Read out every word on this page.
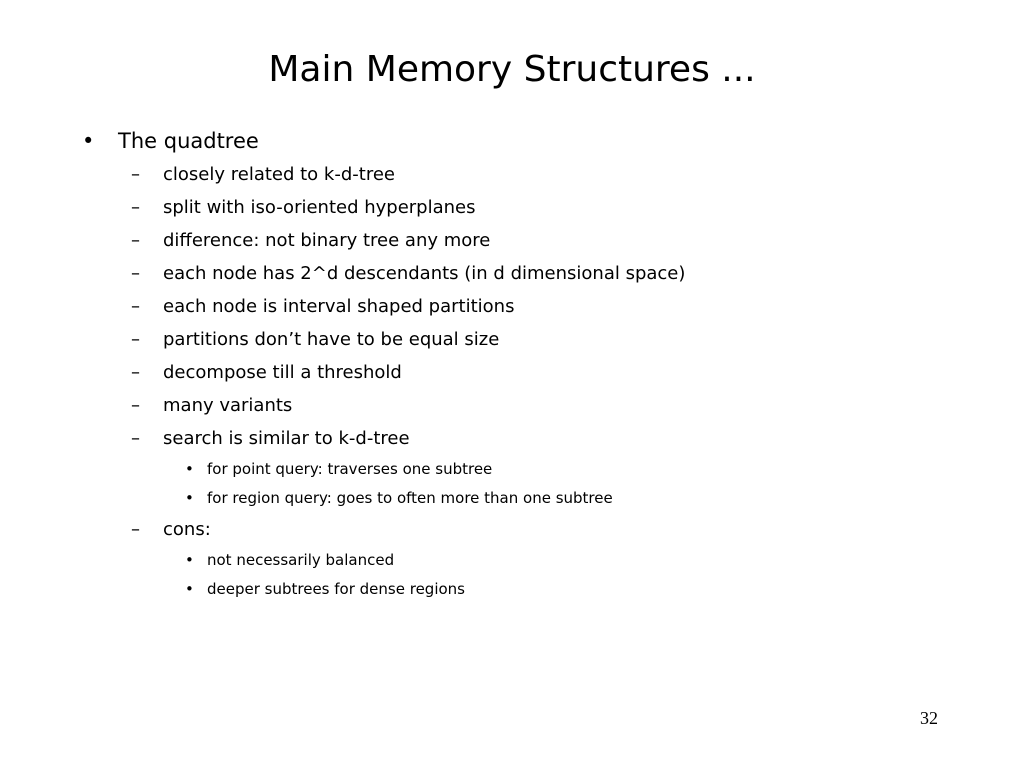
Main Memory Structures ...
• The quadtree
– closely related to k-d-tree
– split with iso-oriented hyperplanes
– difference: not binary tree any more
– each node has 2^d descendants (in d dimensional space)
– each node is interval shaped partitions
– partitions don’t have to be equal size
– decompose till a threshold
– many variants
– search is similar to k-d-tree
• for point query: traverses one subtree
• for region query: goes to often more than one subtree
– cons:
• not necessarily balanced
• deeper subtrees for dense regions
32
